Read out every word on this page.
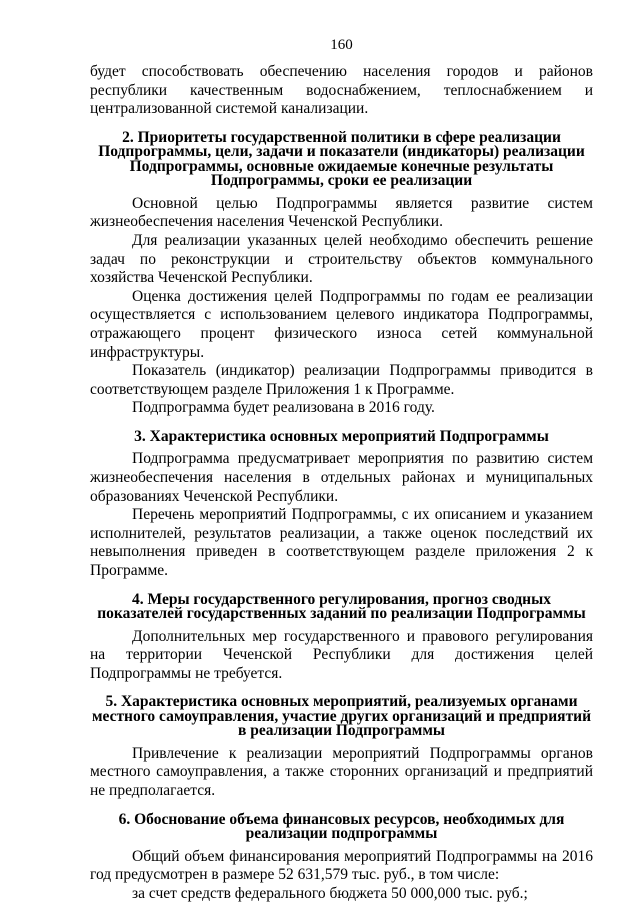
160

будет способствовать обеспечению населения городов и районов республики качественным водоснабжением, теплоснабжением и централизованной системой канализации.

2. Приоритеты государственной политики в сфере реализации Подпрограммы, цели, задачи и показатели (индикаторы) реализации Подпрограммы, основные ожидаемые конечные результаты Подпрограммы, сроки ее реализации

Основной целью Подпрограммы является развитие систем жизнеобеспечения населения Чеченской Республики.

Для реализации указанных целей необходимо обеспечить решение задач по реконструкции и строительству объектов коммунального хозяйства Чеченской Республики.

Оценка достижения целей Подпрограммы по годам ее реализации осуществляется с использованием целевого индикатора Подпрограммы, отражающего процент физического износа сетей коммунальной инфраструктуры.

Показатель (индикатор) реализации Подпрограммы приводится в соответствующем разделе Приложения 1 к Программе.

Подпрограмма будет реализована в 2016 году.

3. Характеристика основных мероприятий Подпрограммы

Подпрограмма предусматривает мероприятия по развитию систем жизнеобеспечения населения в отдельных районах и муниципальных образованиях Чеченской Республики.

Перечень мероприятий Подпрограммы, с их описанием и указанием исполнителей, результатов реализации, а также оценок последствий их невыполнения приведен в соответствующем разделе приложения 2 к Программе.

4. Меры государственного регулирования, прогноз сводных показателей государственных заданий по реализации Подпрограммы

Дополнительных мер государственного и правового регулирования на территории Чеченской Республики для достижения целей Подпрограммы не требуется.

5. Характеристика основных мероприятий, реализуемых органами местного самоуправления, участие других организаций и предприятий в реализации Подпрограммы

Привлечение к реализации мероприятий Подпрограммы органов местного самоуправления, а также сторонних организаций и предприятий не предполагается.

6. Обоснование объема финансовых ресурсов, необходимых для реализации подпрограммы

Общий объем финансирования мероприятий Подпрограммы на 2016 год предусмотрен в размере 52 631,579 тыс. руб., в том числе:

за счет средств федерального бюджета 50 000,000 тыс. руб.;
